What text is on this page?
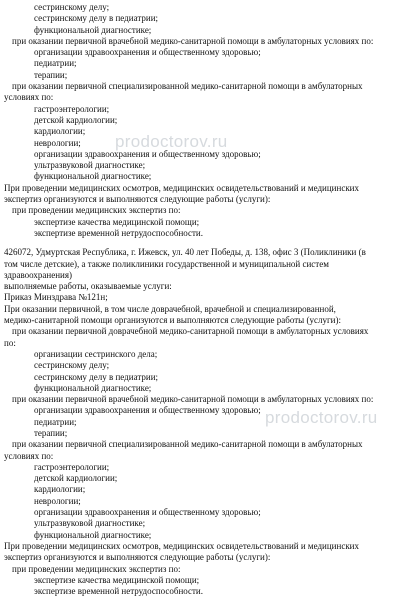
сестринскому делу;
сестринскому делу в педиатрии;
функциональной диагностике;
при оказании первичной врачебной медико-санитарной помощи в амбулаторных условиях по:
организации здравоохранения и общественному здоровью;
педиатрии;
терапии;
при оказании первичной специализированной медико-санитарной помощи в амбулаторных
условиях по:
гастроэнтерологии;
детской кардиологии;
кардиологии;
неврологии;
организации здравоохранения и общественному здоровью;
ультразвуковой диагностике;
функциональной диагностике;
При проведении медицинских осмотров, медицинских освидетельствований и медицинских
экспертиз организуются и выполняются следующие работы (услуги):
при проведении медицинских экспертиз по:
экспертизе качества медицинской помощи;
экспертизе временной нетрудоспособности.
426072, Удмуртская Республика, г. Ижевск, ул. 40 лет Победы, д. 138, офис 3 (Поликлиники (в
том числе детские), а также поликлиники государственной и муниципальной систем
здравоохранения)
выполняемые работы, оказываемые услуги:
Приказ Минздрава №121н;
При оказании первичной, в том числе доврачебной, врачебной и специализированной,
медико-санитарной помощи организуются и выполняются следующие работы (услуги):
при оказании первичной доврачебной медико-санитарной помощи в амбулаторных условиях
по:
организации сестринского дела;
сестринскому делу;
сестринскому делу в педиатрии;
функциональной диагностике;
при оказании первичной врачебной медико-санитарной помощи в амбулаторных условиях по:
организации здравоохранения и общественному здоровью;
педиатрии;
терапии;
при оказании первичной специализированной медико-санитарной помощи в амбулаторных
условиях по:
гастроэнтерологии;
детской кардиологии;
кардиологии;
неврологии;
организации здравоохранения и общественному здоровью;
ультразвуковой диагностике;
функциональной диагностике;
При проведении медицинских осмотров, медицинских освидетельствований и медицинских
экспертиз организуются и выполняются следующие работы (услуги):
при проведении медицинских экспертиз по:
экспертизе качества медицинской помощи;
экспертизе временной нетрудоспособности.
prodoctorov.ru
prodoctorov.ru
